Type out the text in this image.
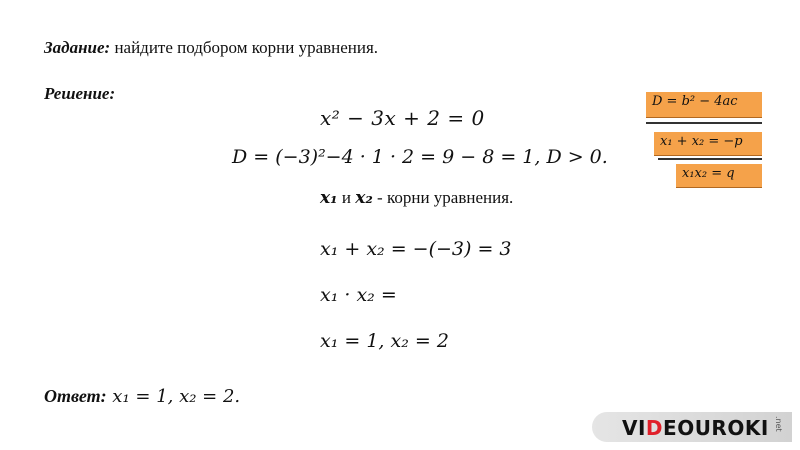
Задание: найдите подбором корни уравнения.
Решение:
x² − 3x + 2 = 0
D = (−3)²−4 · 1 · 2 = 9 − 8 = 1, D > 0.
x₁ и x₂ - корни уравнения.
x₁ + x₂ = −(−3) = 3
x₁ · x₂ =
x₁ = 1, x₂ = 2
Ответ: x₁ = 1, x₂ = 2.
D = b² − 4ac
x₁ + x₂ = −p
x₁x₂ = q
VIDEOUROKI .net
